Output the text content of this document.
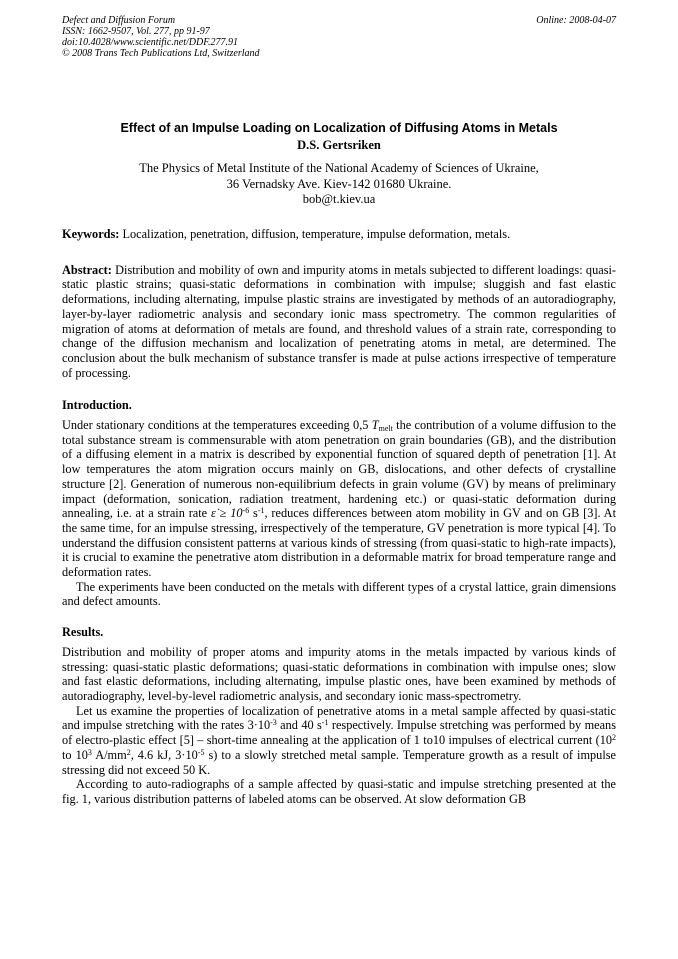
Defect and Diffusion Forum
ISSN: 1662-9507, Vol. 277, pp 91-97
doi:10.4028/www.scientific.net/DDF.277.91
© 2008 Trans Tech Publications Ltd, Switzerland
Online: 2008-04-07
Effect of an Impulse Loading on Localization of Diffusing Atoms in Metals
D.S. Gertsriken
The Physics of Metal Institute of the National Academy of Sciences of Ukraine,
36 Vernadsky Ave. Kiev-142 01680 Ukraine.
bob@t.kiev.ua

Keywords: Localization, penetration, diffusion, temperature, impulse deformation, metals.

Abstract: Distribution and mobility of own and impurity atoms in metals subjected to different loadings: quasi-static plastic strains; quasi-static deformations in combination with impulse; sluggish and fast elastic deformations, including alternating, impulse plastic strains are investigated by methods of an autoradiography, layer-by-layer radiometric analysis and secondary ionic mass spectrometry. The common regularities of migration of atoms at deformation of metals are found, and threshold values of a strain rate, corresponding to change of the diffusion mechanism and localization of penetrating atoms in metal, are determined. The conclusion about the bulk mechanism of substance transfer is made at pulse actions irrespective of temperature of processing.

Introduction.

Under stationary conditions at the temperatures exceeding 0,5 $T_{melt}$ the contribution of a volume diffusion to the total substance stream is commensurable with atom penetration on grain boundaries (GB), and the distribution of a diffusing element in a matrix is described by exponential function of squared depth of penetration [1]. At low temperatures the atom migration occurs mainly on GB, dislocations, and other defects of crystalline structure [2]. Generation of numerous non-equilibrium defects in grain volume (GV) by means of preliminary impact (deformation, sonication, radiation treatment, hardening etc.) or quasi-static deformation during annealing, i.e. at a strain rate ε̇ ≥ $10^{-6}$ $s^{-1}$, reduces differences between atom mobility in GV and on GB [3]. At the same time, for an impulse stressing, irrespectively of the temperature, GV penetration is more typical [4]. To understand the diffusion consistent patterns at various kinds of stressing (from quasi-static to high-rate impacts), it is crucial to examine the penetrative atom distribution in a deformable matrix for broad temperature range and deformation rates.

The experiments have been conducted on the metals with different types of a crystal lattice, grain dimensions and defect amounts.

Results.

Distribution and mobility of proper atoms and impurity atoms in the metals impacted by various kinds of stressing: quasi-static plastic deformations; quasi-static deformations in combination with impulse ones; slow and fast elastic deformations, including alternating, impulse plastic ones, have been examined by methods of autoradiography, level-by-level radiometric analysis, and secondary ionic mass-spectrometry.

Let us examine the properties of localization of penetrative atoms in a metal sample affected by quasi-static and impulse stretching with the rates $3\cdot 10^{-3}$ and 40 $s^{-1}$ respectively. Impulse stretching was performed by means of electro-plastic effect [5] – short-time annealing at the application of 1 to10 impulses of electrical current ($10^2$ to $10^3$ $A/mm^2$, 4.6 kJ, $3\cdot 10^{-5}$ s) to a slowly stretched metal sample. Temperature growth as a result of impulse stressing did not exceed 50 K.

According to auto-radiographs of a sample affected by quasi-static and impulse stretching presented at the fig. 1, various distribution patterns of labeled atoms can be observed. At slow deformation GB
